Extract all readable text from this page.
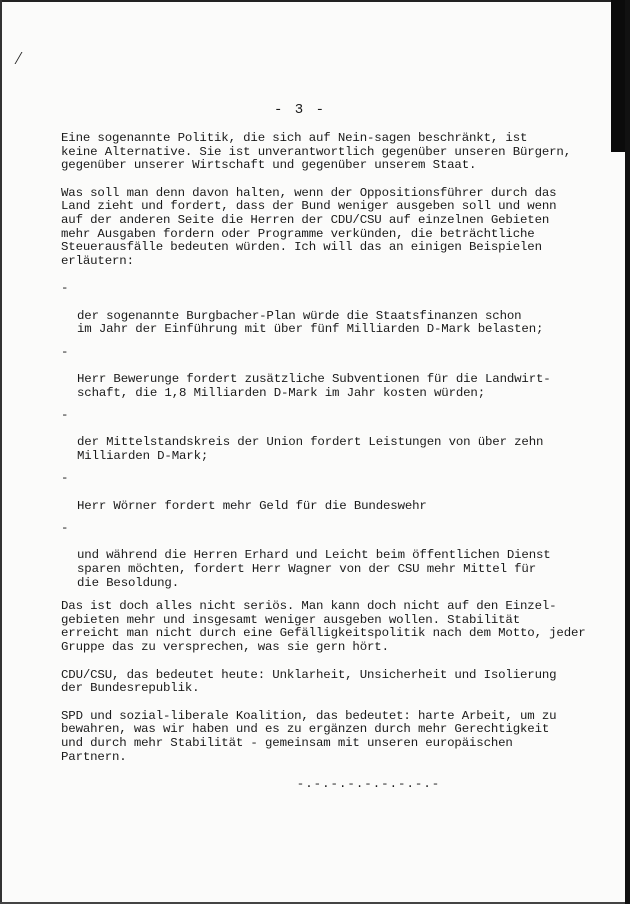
- 3 -

Eine sogenannte Politik, die sich auf Nein-sagen beschränkt, ist
keine Alternative. Sie ist unverantwortlich gegenüber unseren Bürgern,
gegenüber unserer Wirtschaft und gegenüber unserem Staat.

Was soll man denn davon halten, wenn der Oppositionsführer durch das
Land zieht und fordert, dass der Bund weniger ausgeben soll und wenn
auf der anderen Seite die Herren der CDU/CSU auf einzelnen Gebieten
mehr Ausgaben fordern oder Programme verkünden, die beträchtliche
Steuerausfälle bedeuten würden. Ich will das an einigen Beispielen
erläutern:

-

der sogenannte Burgbacher-Plan würde die Staatsfinanzen schon
im Jahr der Einführung mit über fünf Milliarden D-Mark belasten;

-

Herr Bewerunge fordert zusätzliche Subventionen für die Landwirt-
schaft, die 1,8 Milliarden D-Mark im Jahr kosten würden;

-

der Mittelstandskreis der Union fordert Leistungen von über zehn
Milliarden D-Mark;

-

Herr Wörner fordert mehr Geld für die Bundeswehr

-

und während die Herren Erhard und Leicht beim öffentlichen Dienst
sparen möchten, fordert Herr Wagner von der CSU mehr Mittel für
die Besoldung.

Das ist doch alles nicht seriös. Man kann doch nicht auf den Einzel-
gebieten mehr und insgesamt weniger ausgeben wollen. Stabilität
erreicht man nicht durch eine Gefälligkeitspolitik nach dem Motto, jeder
Gruppe das zu versprechen, was sie gern hört.

CDU/CSU, das bedeutet heute: Unklarheit, Unsicherheit und Isolierung
der Bundesrepublik.

SPD und sozial-liberale Koalition, das bedeutet: harte Arbeit, um zu
bewahren, was wir haben und es zu ergänzen durch mehr Gerechtigkeit
und durch mehr Stabilität - gemeinsam mit unseren europäischen
Partnern.

-.-.-.-.-.-.-.-.-
